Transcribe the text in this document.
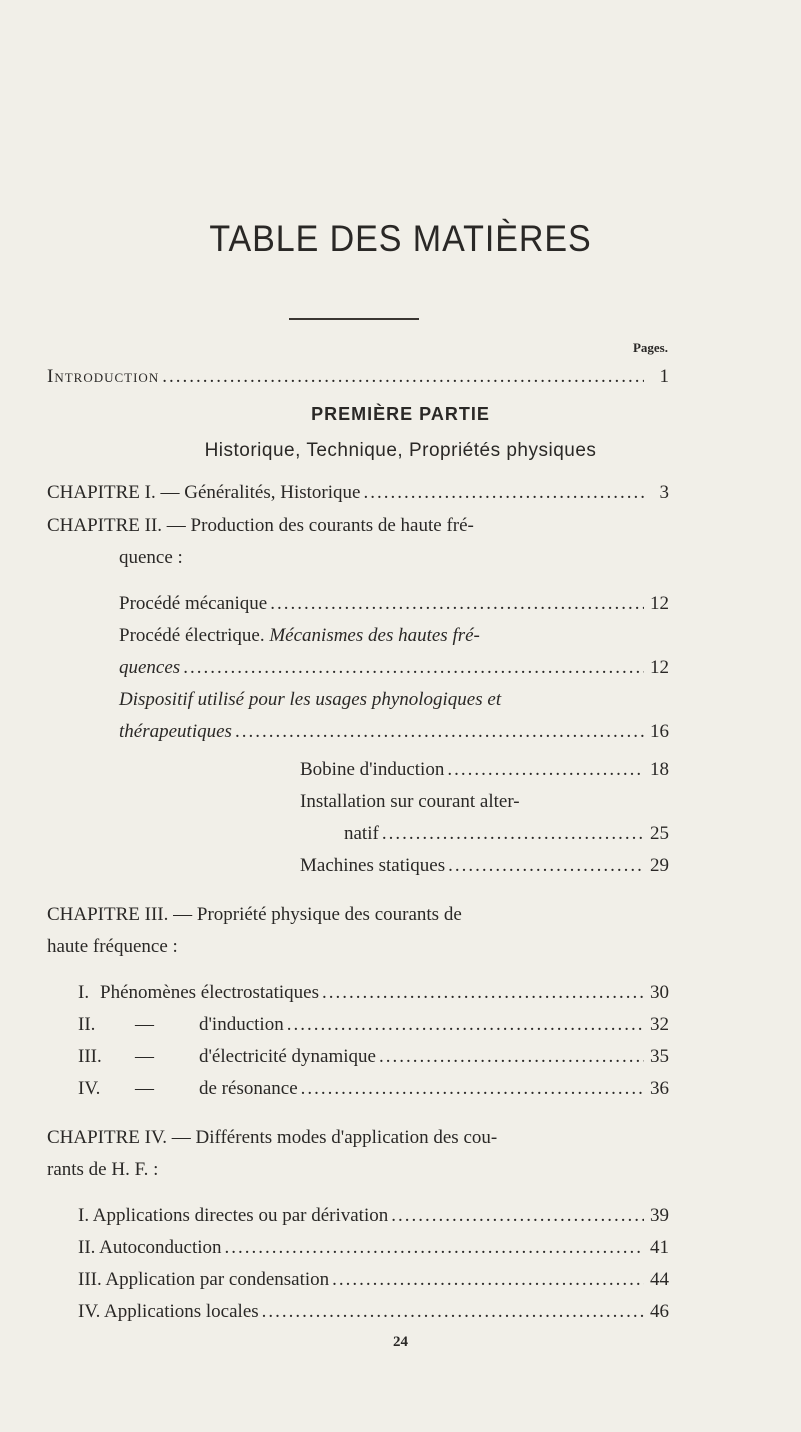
TABLE DES MATIÈRES
Pages.
Introduction .....	1
PREMIÈRE PARTIE
Historique, Technique, Propriétés physiques
CHAPITRE I. — Généralités, Historique .....	3
CHAPITRE II. — Production des courants de haute fré-
quence :
Procédé mécanique .....	12
Procédé électrique. Mécanismes des hautes fré-
quences .....	12
Dispositif utilisé pour les usages phynologiques et
thérapeutiques .....	16
Bobine d'induction .....	18
Installation sur courant alter-
natif .....	25
Machines statiques .....	29
CHAPITRE III. — Propriété physique des courants de
haute fréquence :
I. Phénomènes électrostatiques .....	30
II.	—	d'induction .....	32
III.	—	d'électricité dynamique .....	35
IV.	—	de résonance .....	36
CHAPITRE IV. — Différents modes d'application des cou-
rants de H. F. :
I. Applications directes ou par dérivation .....	39
II. Autoconduction .....	41
III. Application par condensation .....	44
IV. Applications locales .....	46
24
